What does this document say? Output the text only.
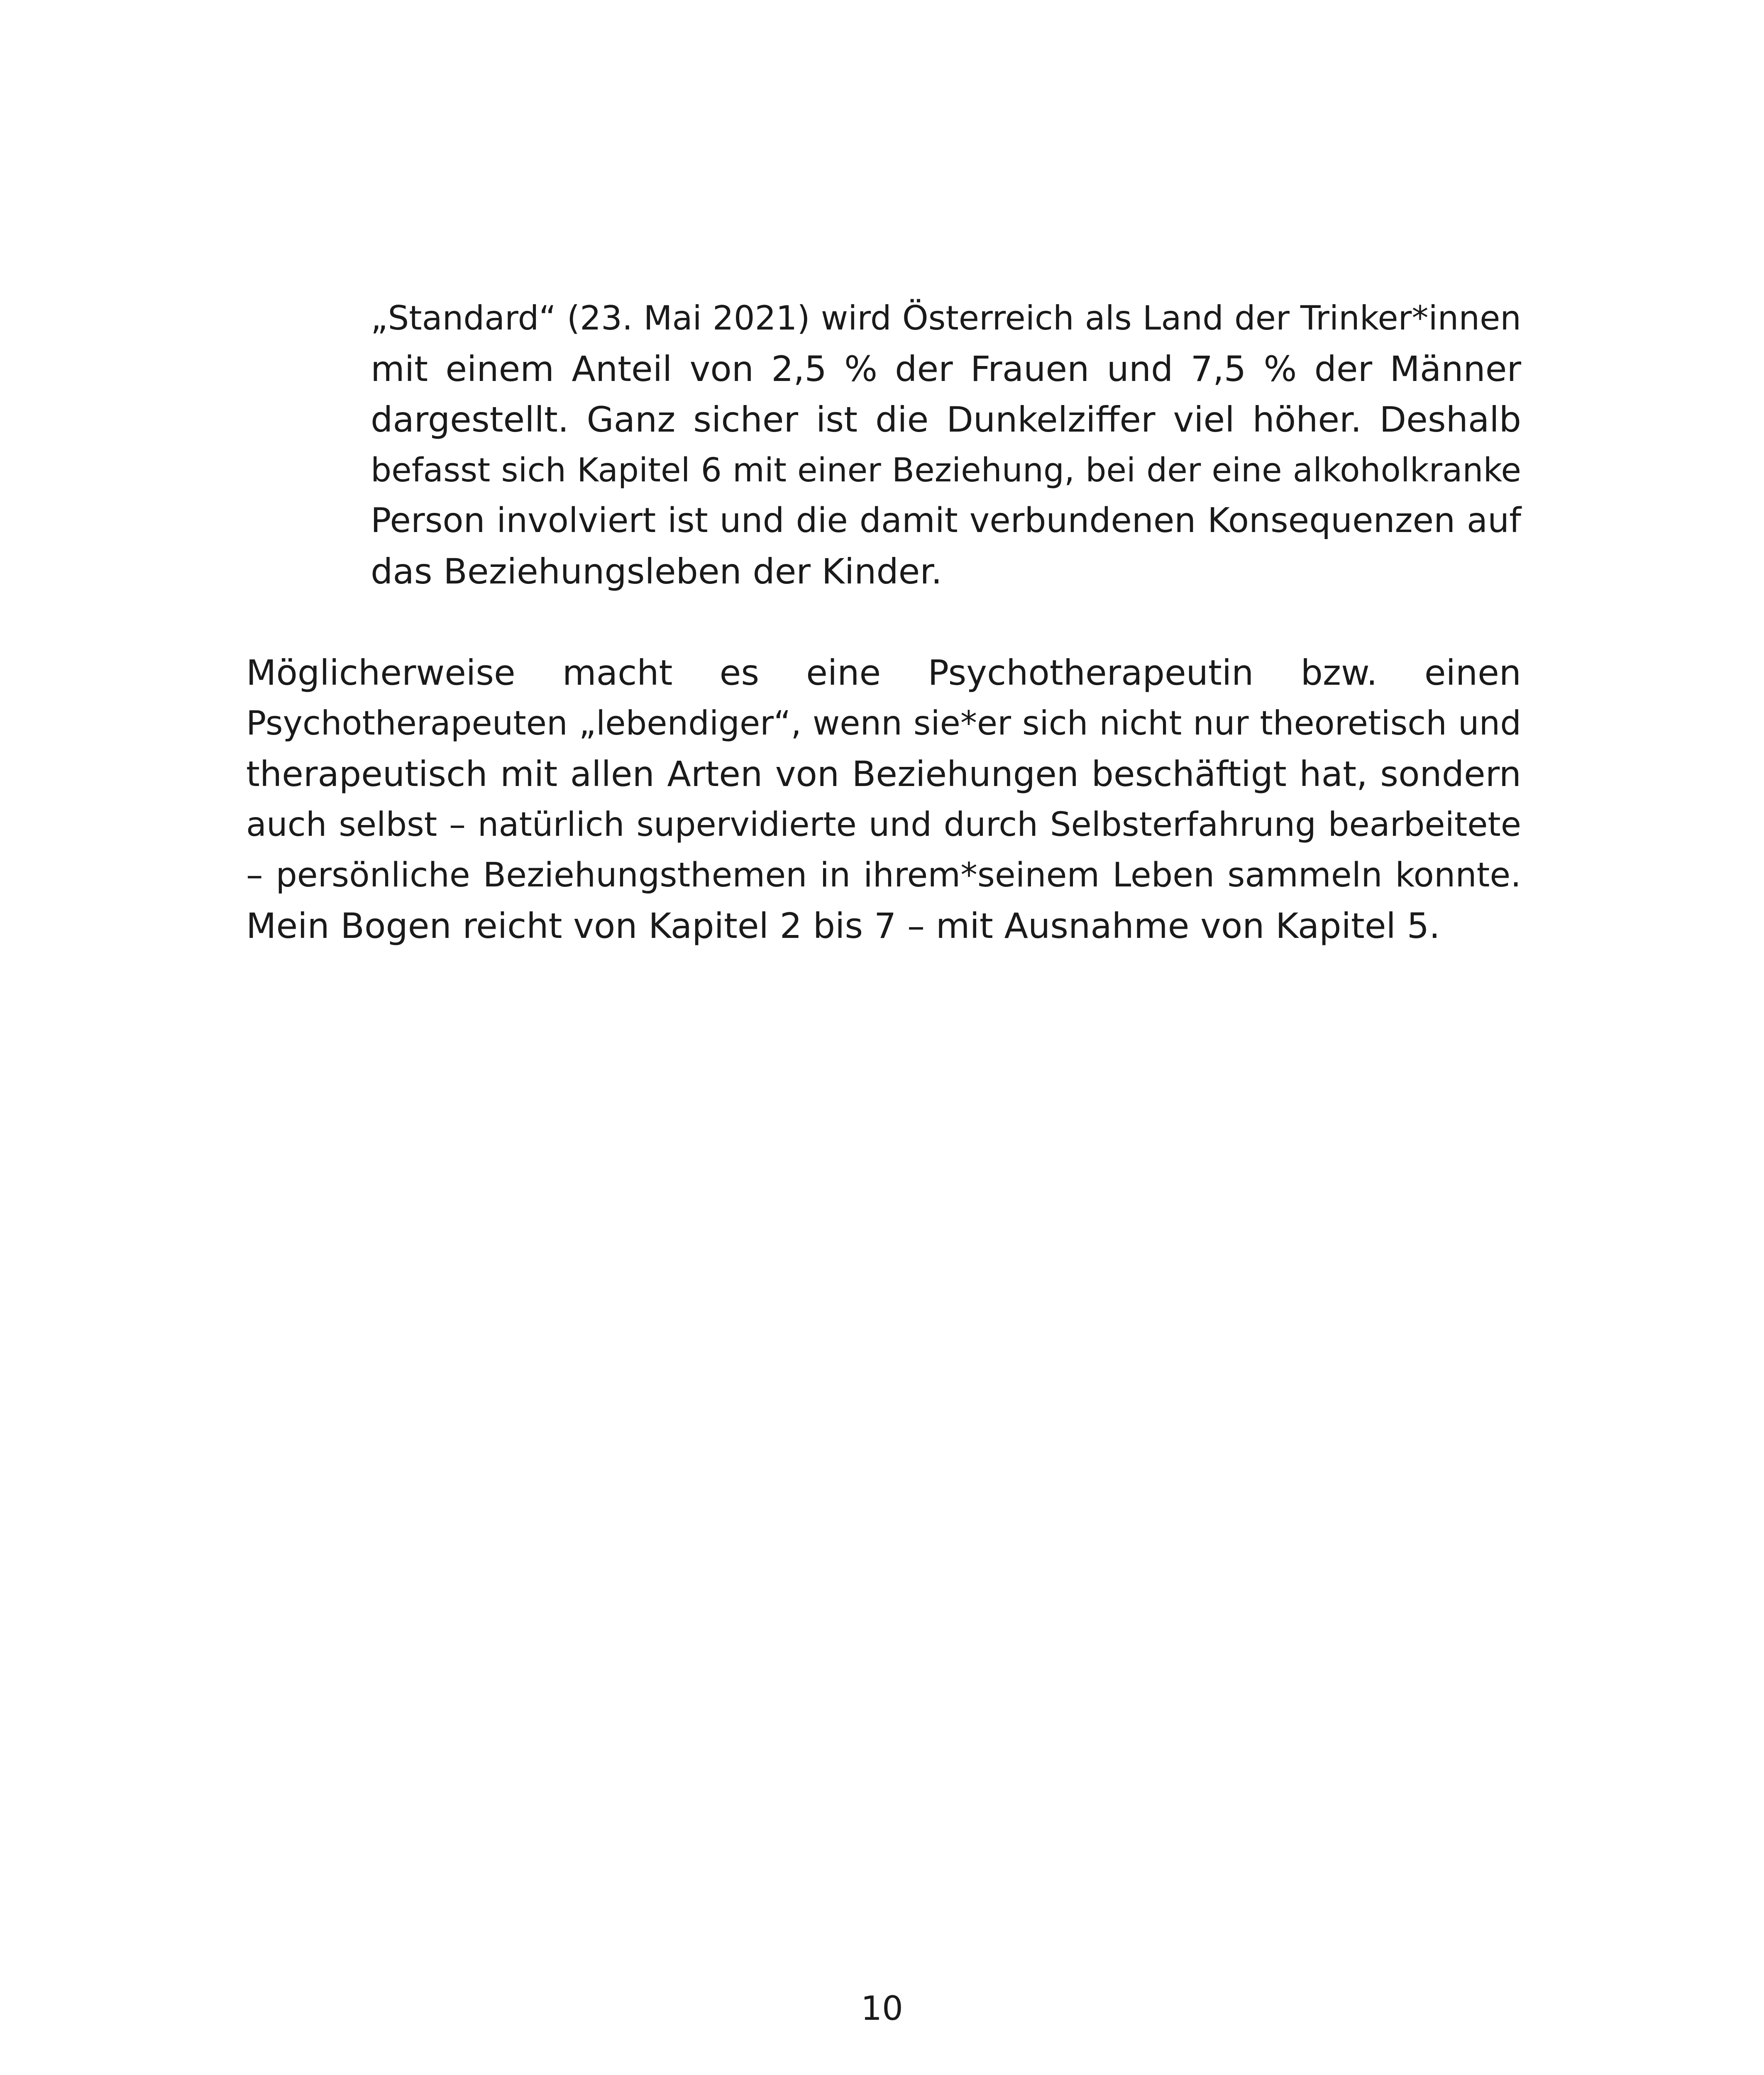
„Standard“ (23. Mai 2021) wird Österreich als Land der Trinker*innen

mit einem Anteil von 2,5 % der Frauen und 7,5 % der Männer

dargestellt. Ganz sicher ist die Dunkelziffer viel höher. Deshalb

befasst sich Kapitel 6 mit einer Beziehung, bei der eine alkoholkranke

Person involviert ist und die damit verbundenen Konsequenzen auf

das Beziehungsleben der Kinder.

Möglicherweise macht es eine Psychotherapeutin bzw. einen

Psychotherapeuten „lebendiger“, wenn sie*er sich nicht nur theoretisch und

therapeutisch mit allen Arten von Beziehungen beschäftigt hat, sondern

auch selbst – natürlich supervidierte und durch Selbsterfahrung bearbeitete

– persönliche Beziehungsthemen in ihrem*seinem Leben sammeln konnte.

Mein Bogen reicht von Kapitel 2 bis 7 – mit Ausnahme von Kapitel 5.

10
